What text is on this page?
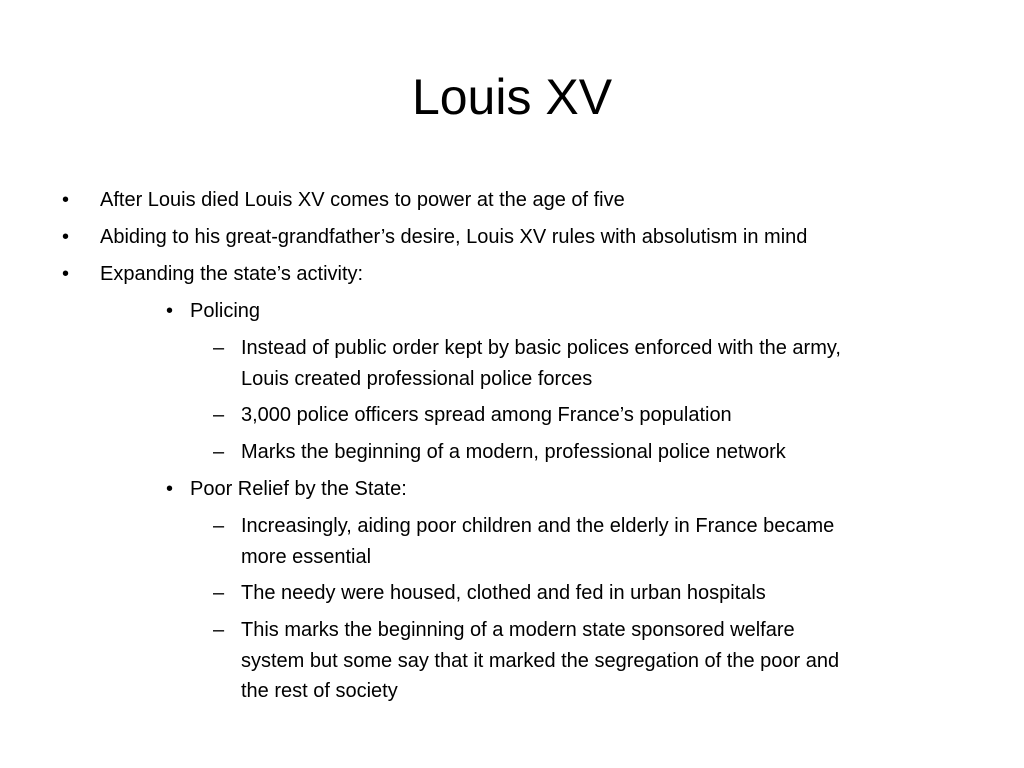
Louis XV
• After Louis died Louis XV comes to power at the age of five
• Abiding to his great-grandfather’s desire, Louis XV rules with absolutism in mind
• Expanding the state’s activity:
• Policing
– Instead of public order kept by basic polices enforced with the army,
Louis created professional police forces
– 3,000 police officers spread among France’s population
– Marks the beginning of a modern, professional police network
• Poor Relief by the State:
– Increasingly, aiding poor children and the elderly in France became
more essential
– The needy were housed, clothed and fed in urban hospitals
– This marks the beginning of a modern state sponsored welfare
system but some say that it marked the segregation of the poor and
the rest of society
